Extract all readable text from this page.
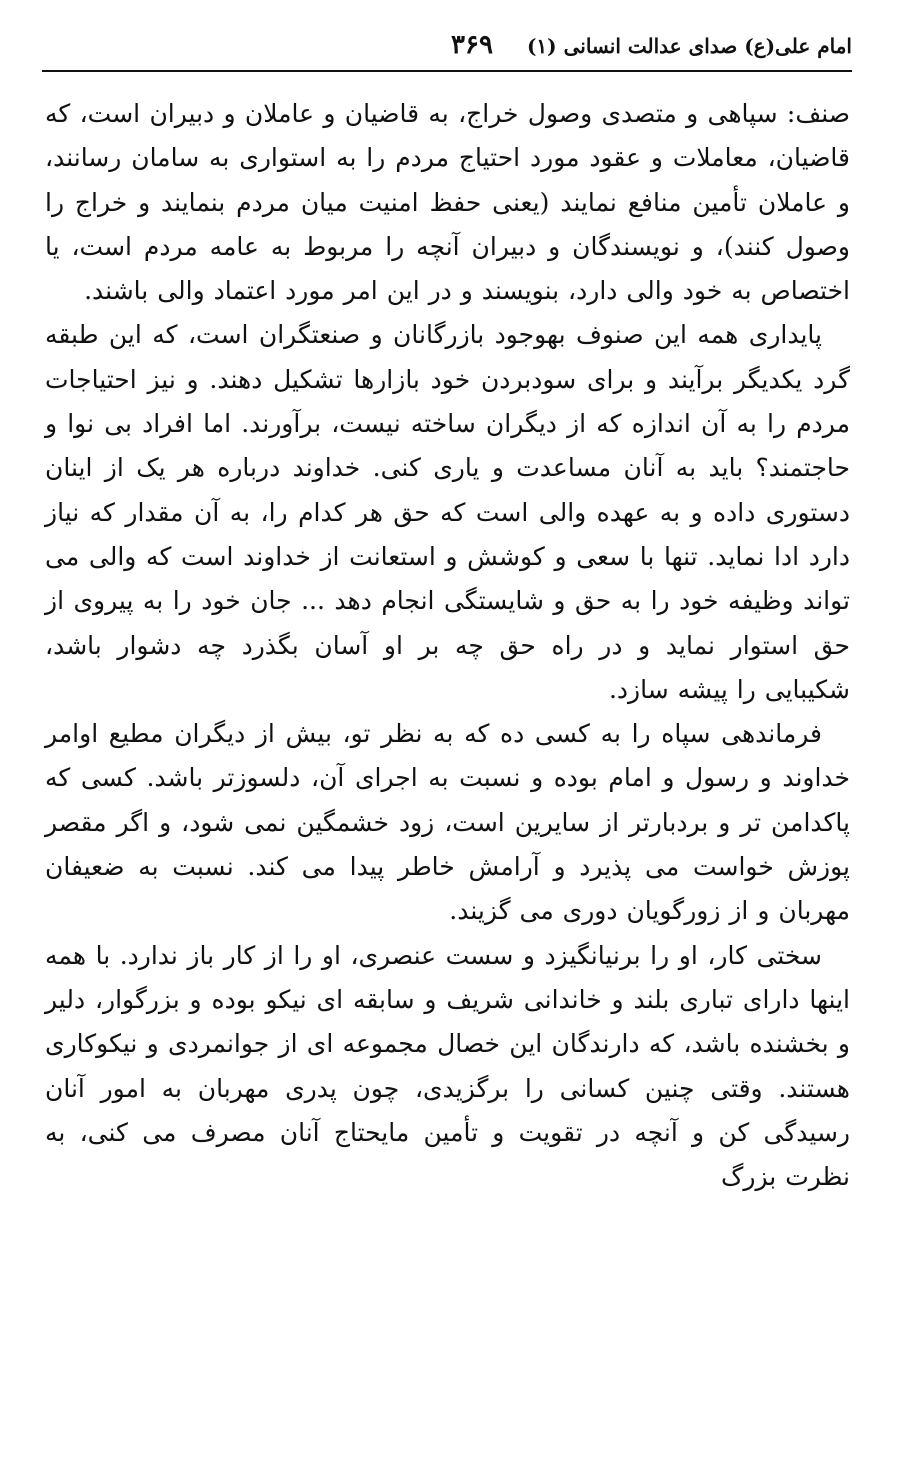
امام علی(ع) صدای عدالت انسانی (۱)
۳۶۹

صنف: سپاهی و متصدی وصول خراج، به قاضیان و عاملان و دبیران است، که قاضیان، معاملات و عقود مورد احتیاج مردم را به استواری به سامان رسانند، و عاملان تأمین منافع نمایند (یعنی حفظ امنیت میان مردم بنمایند و خراج را وصول کنند)، و نویسندگان و دبیران آنچه را مربوط به عامه مردم است، یا اختصاص به خود والی دارد، بنویسند و در این امر مورد اعتماد والی باشند.

پایداری همه این صنوف بهوجود بازرگانان و صنعتگران است، که این طبقه گرد یکدیگر برآیند و برای سودبردن خود بازارها تشکیل دهند. و نیز احتیاجات مردم را به آن اندازه که از دیگران ساخته نیست، برآورند. اما افراد بی نوا و حاجتمند؟ باید به آنان مساعدت و یاری کنی. خداوند درباره هر یک از اینان دستوری داده و به عهده والی است که حق هر کدام را، به آن مقدار که نیاز دارد ادا نماید. تنها با سعی و کوشش و استعانت از خداوند است که والی می تواند وظیفه خود را به حق و شایستگی انجام دهد ... جان خود را به پیروی از حق استوار نماید و در راه حق چه بر او آسان بگذرد چه دشوار باشد، شکیبایی را پیشه سازد.

فرماندهی سپاه را به کسی ده که به نظر تو، بیش از دیگران مطیع اوامر خداوند و رسول و امام بوده و نسبت به اجرای آن، دلسوزتر باشد. کسی که پاکدامن تر و بردبارتر از سایرین است، زود خشمگین نمی شود، و اگر مقصر پوزش خواست می پذیرد و آرامش خاطر پیدا می کند. نسبت به ضعیفان مهربان و از زورگویان دوری می گزیند.

سختی کار، او را برنیانگیزد و سست عنصری، او را از کار باز ندارد. با همه اینها دارای تباری بلند و خاندانی شریف و سابقه ای نیکو بوده و بزرگوار، دلیر و بخشنده باشد، که دارندگان این خصال مجموعه ای از جوانمردی و نیکوکاری هستند. وقتی چنین کسانی را برگزیدی، چون پدری مهربان به امور آنان رسیدگی کن و آنچه در تقویت و تأمین مایحتاج آنان مصرف می کنی، به نظرت بزرگ
